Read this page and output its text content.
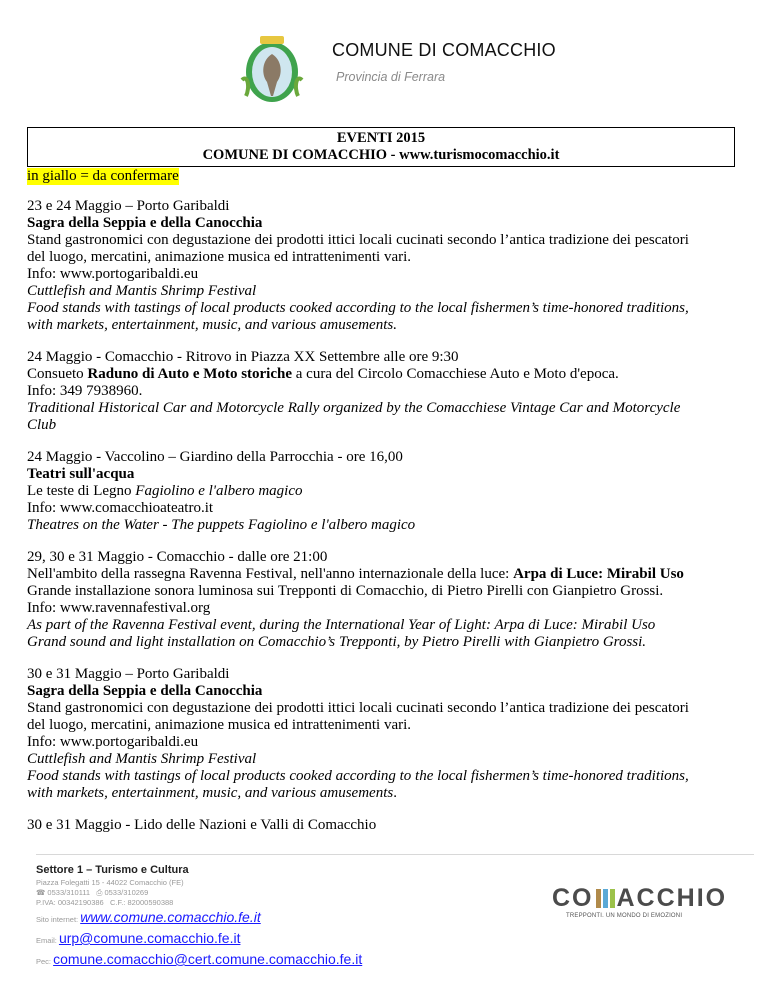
COMUNE DI COMACCHIO
Provincia di Ferrara
EVENTI 2015
COMUNE DI COMACCHIO - www.turismocomacchio.it
in giallo = da confermare
23 e 24 Maggio – Porto Garibaldi
Sagra della Seppia e della Canocchia
Stand gastronomici con degustazione dei prodotti ittici locali cucinati secondo l’antica tradizione dei pescatori
del luogo, mercatini, animazione musica ed intrattenimenti vari.
Info: www.portogaribaldi.eu
Cuttlefish and Mantis Shrimp Festival
Food stands with tastings of local products cooked according to the local fishermen’s time-honored traditions,
with markets, entertainment, music, and various amusements.
24 Maggio - Comacchio - Ritrovo in Piazza XX Settembre alle ore 9:30
Consueto Raduno di Auto e Moto storiche a cura del Circolo Comacchiese Auto e Moto d'epoca.
Info: 349 7938960.
Traditional Historical Car and Motorcycle Rally organized by the Comacchiese Vintage Car and Motorcycle
Club
24 Maggio - Vaccolino – Giardino della Parrocchia - ore 16,00
Teatri sull'acqua
Le teste di Legno Fagiolino e l'albero magico
Info: www.comacchioateatro.it
Theatres on the Water - The puppets Fagiolino e l'albero magico
29, 30 e 31 Maggio - Comacchio - dalle ore 21:00
Nell'ambito della rassegna Ravenna Festival, nell'anno internazionale della luce: Arpa di Luce: Mirabil Uso
Grande installazione sonora luminosa sui Trepponti di Comacchio, di Pietro Pirelli con Gianpietro Grossi.
Info: www.ravennafestival.org
As part of the Ravenna Festival event, during the International Year of Light: Arpa di Luce: Mirabil Uso
Grand sound and light installation on Comacchio’s Trepponti, by Pietro Pirelli with Gianpietro Grossi.
30 e 31 Maggio – Porto Garibaldi
Sagra della Seppia e della Canocchia
Stand gastronomici con degustazione dei prodotti ittici locali cucinati secondo l’antica tradizione dei pescatori
del luogo, mercatini, animazione musica ed intrattenimenti vari.
Info: www.portogaribaldi.eu
Cuttlefish and Mantis Shrimp Festival
Food stands with tastings of local products cooked according to the local fishermen’s time-honored traditions,
with markets, entertainment, music, and various amusements.
30 e 31 Maggio - Lido delle Nazioni e Valli di Comacchio
Settore 1 – Turismo e Cultura
Piazza Folegatti 15 - 44022 Comacchio (FE)
☎ 0533/310111 ⎙ 0533/310269
P.IVA: 00342190386 C.F.: 82000590388
Sito internet: www.comune.comacchio.fe.it
Email: urp@comune.comacchio.fe.it
Pec: comune.comacchio@cert.comune.comacchio.fe.it
CO ACCHIO
TREPPONTI. UN MONDO DI EMOZIONI
